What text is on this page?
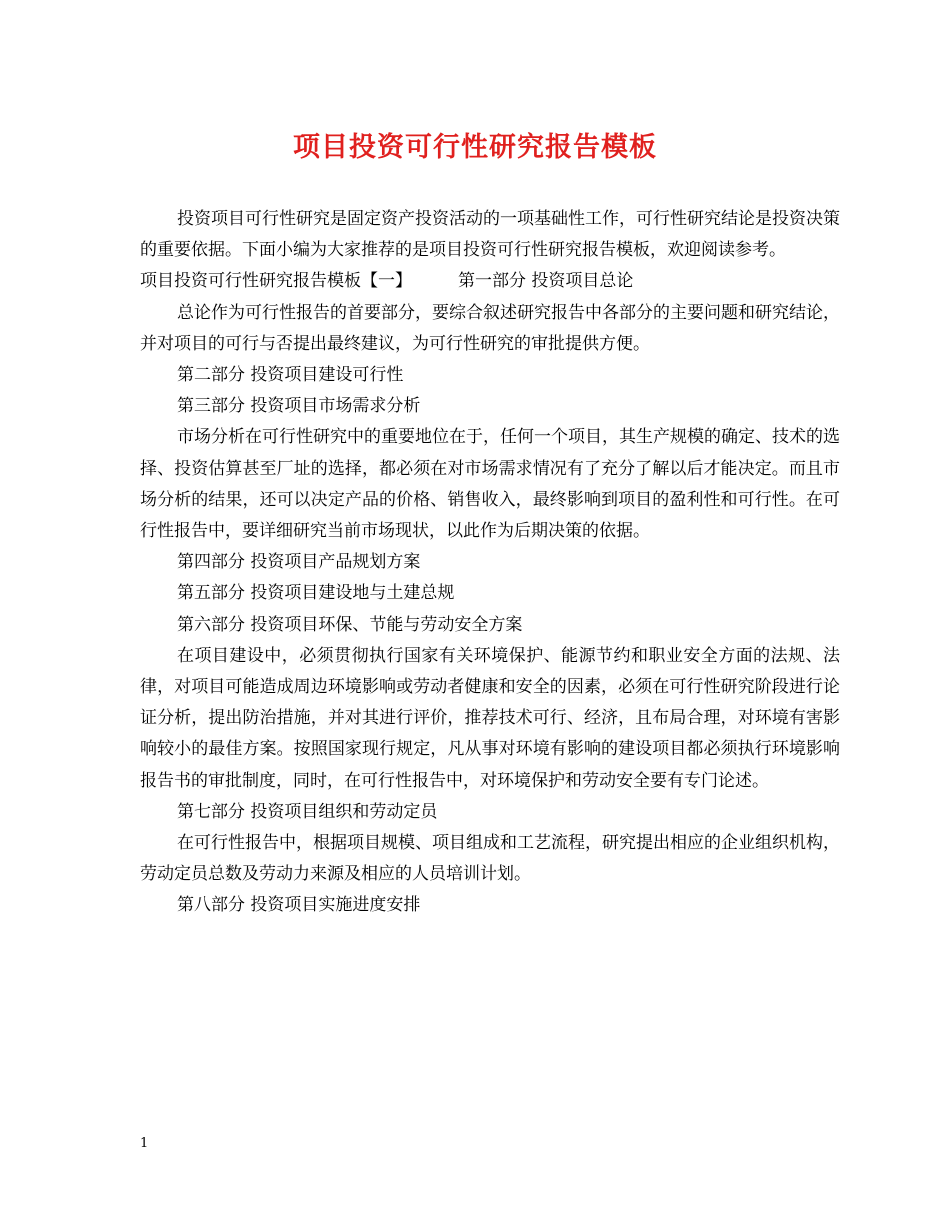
项目投资可行性研究报告模板

投资项目可行性研究是固定资产投资活动的一项基础性工作，可行性研究结论是投资决策的重要依据。下面小编为大家推荐的是项目投资可行性研究报告模板，欢迎阅读参考。

项目投资可行性研究报告模板【一】	第一部分 投资项目总论

总论作为可行性报告的首要部分，要综合叙述研究报告中各部分的主要问题和研究结论，并对项目的可行与否提出最终建议，为可行性研究的审批提供方便。

第二部分 投资项目建设可行性

第三部分 投资项目市场需求分析

市场分析在可行性研究中的重要地位在于，任何一个项目，其生产规模的确定、技术的选择、投资估算甚至厂址的选择，都必须在对市场需求情况有了充分了解以后才能决定。而且市场分析的结果，还可以决定产品的价格、销售收入，最终影响到项目的盈利性和可行性。在可行性报告中，要详细研究当前市场现状，以此作为后期决策的依据。

第四部分 投资项目产品规划方案

第五部分 投资项目建设地与土建总规

第六部分 投资项目环保、节能与劳动安全方案

在项目建设中，必须贯彻执行国家有关环境保护、能源节约和职业安全方面的法规、法律，对项目可能造成周边环境影响或劳动者健康和安全的因素，必须在可行性研究阶段进行论证分析，提出防治措施，并对其进行评价，推荐技术可行、经济，且布局合理，对环境有害影响较小的最佳方案。按照国家现行规定，凡从事对环境有影响的建设项目都必须执行环境影响报告书的审批制度，同时，在可行性报告中，对环境保护和劳动安全要有专门论述。

第七部分 投资项目组织和劳动定员

在可行性报告中，根据项目规模、项目组成和工艺流程，研究提出相应的企业组织机构，劳动定员总数及劳动力来源及相应的人员培训计划。

第八部分 投资项目实施进度安排

1
